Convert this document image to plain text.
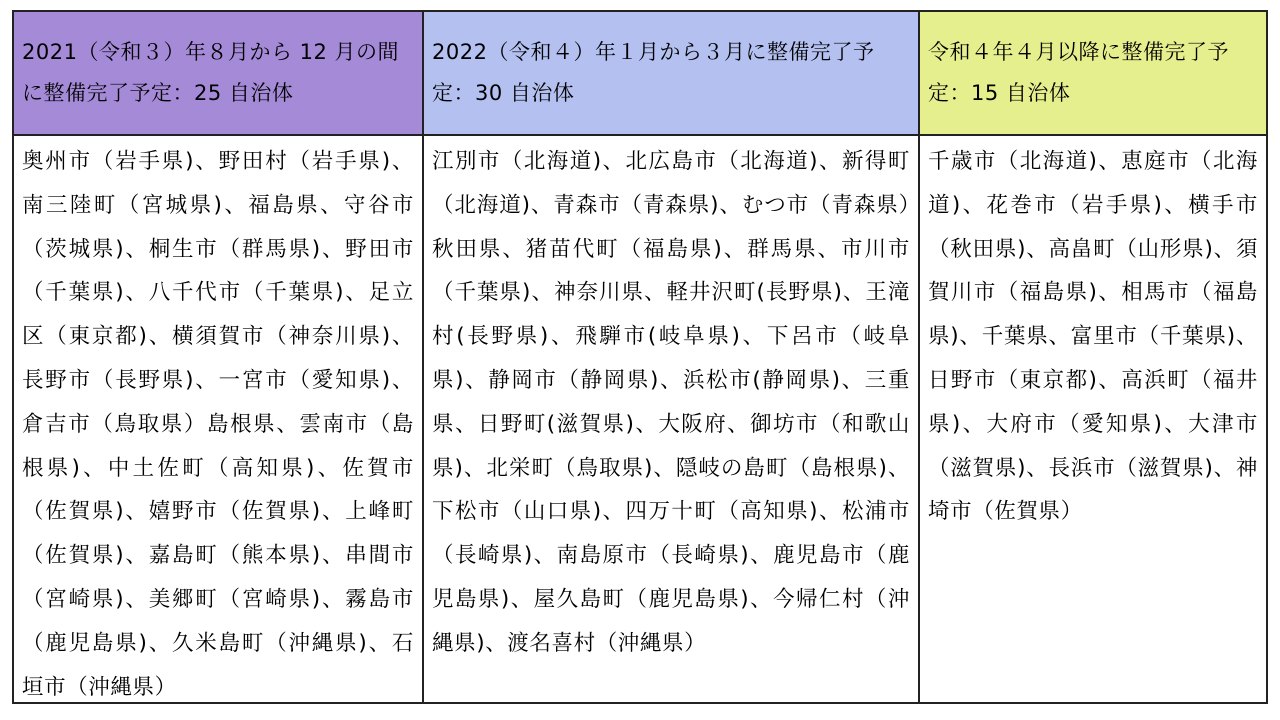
2021（令和３）年８月から 12 月の間に整備完了予定：25 自治体
2022（令和４）年１月から３月に整備完了予定：30 自治体
令和４年４月以降に整備完了予定：15 自治体
奥州市（岩手県)、野田村（岩手県)、南三陸町（宮城県)、福島県、守谷市（茨城県)、桐生市（群馬県)、野田市（千葉県)、八千代市（千葉県)、足立区（東京都)、横須賀市（神奈川県)、長野市（長野県)、一宮市（愛知県)、倉吉市（鳥取県）島根県、雲南市（島根県)、中土佐町（高知県)、佐賀市（佐賀県)、嬉野市（佐賀県)、上峰町（佐賀県)、嘉島町（熊本県)、串間市（宮崎県)、美郷町（宮崎県)、霧島市（鹿児島県)、久米島町（沖縄県)、石垣市（沖縄県）
江別市（北海道)、北広島市（北海道)、新得町（北海道)、青森市（青森県)、むつ市（青森県）秋田県、猪苗代町（福島県)、群馬県、市川市（千葉県)、神奈川県、軽井沢町(長野県)、王滝村(長野県)、飛騨市(岐阜県)、下呂市（岐阜県)、静岡市（静岡県)、浜松市(静岡県)、三重県、日野町(滋賀県)、大阪府、御坊市（和歌山県)、北栄町（鳥取県)、隠岐の島町（島根県)、下松市（山口県)、四万十町（高知県)、松浦市（長崎県)、南島原市（長崎県)、鹿児島市（鹿児島県)、屋久島町（鹿児島県)、今帰仁村（沖縄県)、渡名喜村（沖縄県）
千歳市（北海道)、恵庭市（北海道)、花巻市（岩手県)、横手市（秋田県)、高畠町（山形県)、須賀川市（福島県)、相馬市（福島県)、千葉県、富里市（千葉県)、日野市（東京都)、高浜町（福井県)、大府市（愛知県)、大津市（滋賀県)、長浜市（滋賀県)、神埼市（佐賀県）
